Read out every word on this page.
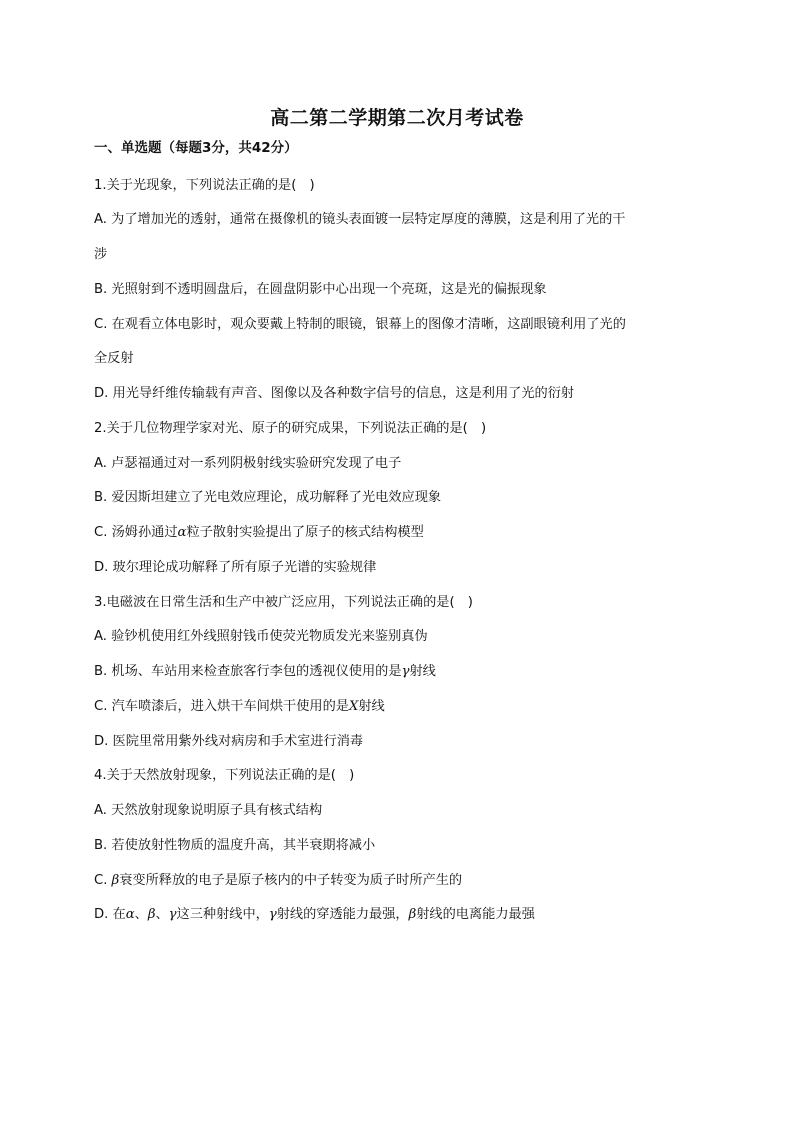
高二第二学期第二次月考试卷
一、单选题（每题3分，共42分）
1.关于光现象，下列说法正确的是(　)
A. 为了增加光的透射，通常在摄像机的镜头表面镀一层特定厚度的薄膜，这是利用了光的干
涉
B. 光照射到不透明圆盘后，在圆盘阴影中心出现一个亮斑，这是光的偏振现象
C. 在观看立体电影时，观众要戴上特制的眼镜，银幕上的图像才清晰，这副眼镜利用了光的
全反射
D. 用光导纤维传输载有声音、图像以及各种数字信号的信息，这是利用了光的衍射
2.关于几位物理学家对光、原子的研究成果，下列说法正确的是(　)
A. 卢瑟福通过对一系列阴极射线实验研究发现了电子
B. 爱因斯坦建立了光电效应理论，成功解释了光电效应现象
C. 汤姆孙通过α粒子散射实验提出了原子的核式结构模型
D. 玻尔理论成功解释了所有原子光谱的实验规律
3.电磁波在日常生活和生产中被广泛应用，下列说法正确的是(　)
A. 验钞机使用红外线照射钱币使荧光物质发光来鉴别真伪
B. 机场、车站用来检查旅客行李包的透视仪使用的是γ射线
C. 汽车喷漆后，进入烘干车间烘干使用的是X射线
D. 医院里常用紫外线对病房和手术室进行消毒
4.关于天然放射现象，下列说法正确的是(　)
A. 天然放射现象说明原子具有核式结构
B. 若使放射性物质的温度升高，其半衰期将减小
C. β衰变所释放的电子是原子核内的中子转变为质子时所产生的
D. 在α、β、γ这三种射线中，γ射线的穿透能力最强，β射线的电离能力最强
